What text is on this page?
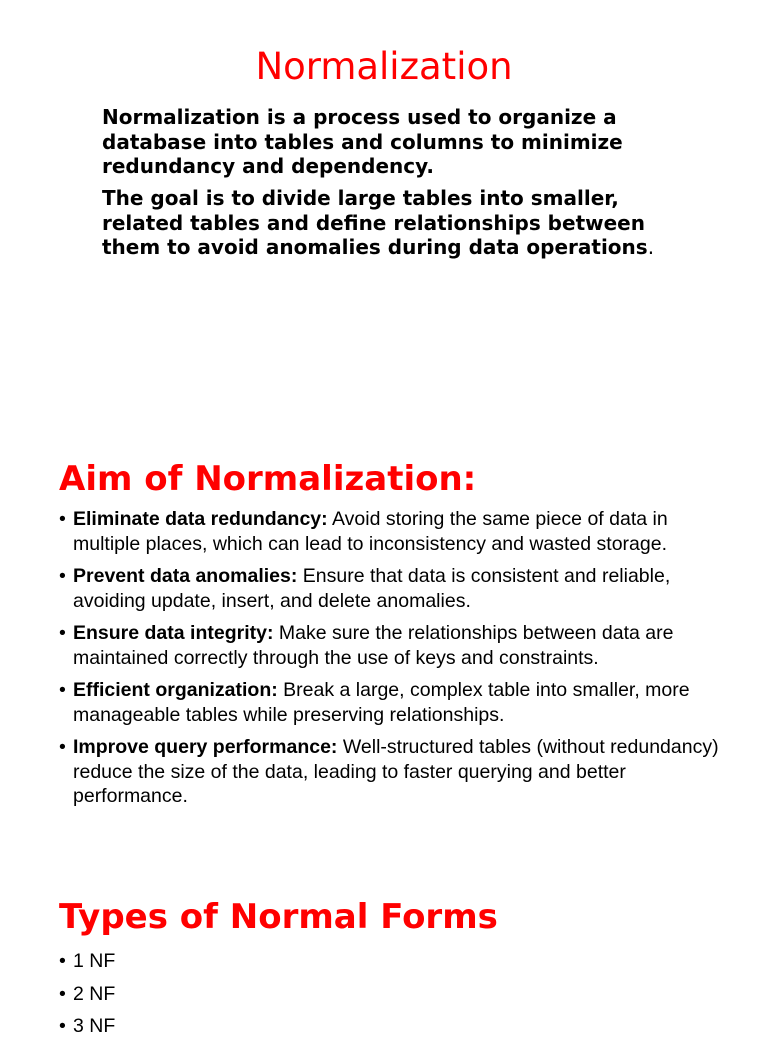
Normalization

Normalization is a process used to organize a database into tables and columns to minimize redundancy and dependency.

The goal is to divide large tables into smaller, related tables and define relationships between them to avoid anomalies during data operations.

Aim of Normalization:
• Eliminate data redundancy: Avoid storing the same piece of data in multiple places, which can lead to inconsistency and wasted storage.
• Prevent data anomalies: Ensure that data is consistent and reliable, avoiding update, insert, and delete anomalies.
• Ensure data integrity: Make sure the relationships between data are maintained correctly through the use of keys and constraints.
• Efficient organization: Break a large, complex table into smaller, more manageable tables while preserving relationships.
• Improve query performance: Well-structured tables (without redundancy) reduce the size of the data, leading to faster querying and better performance.
Types of Normal Forms
• 1 NF
• 2 NF
• 3 NF
